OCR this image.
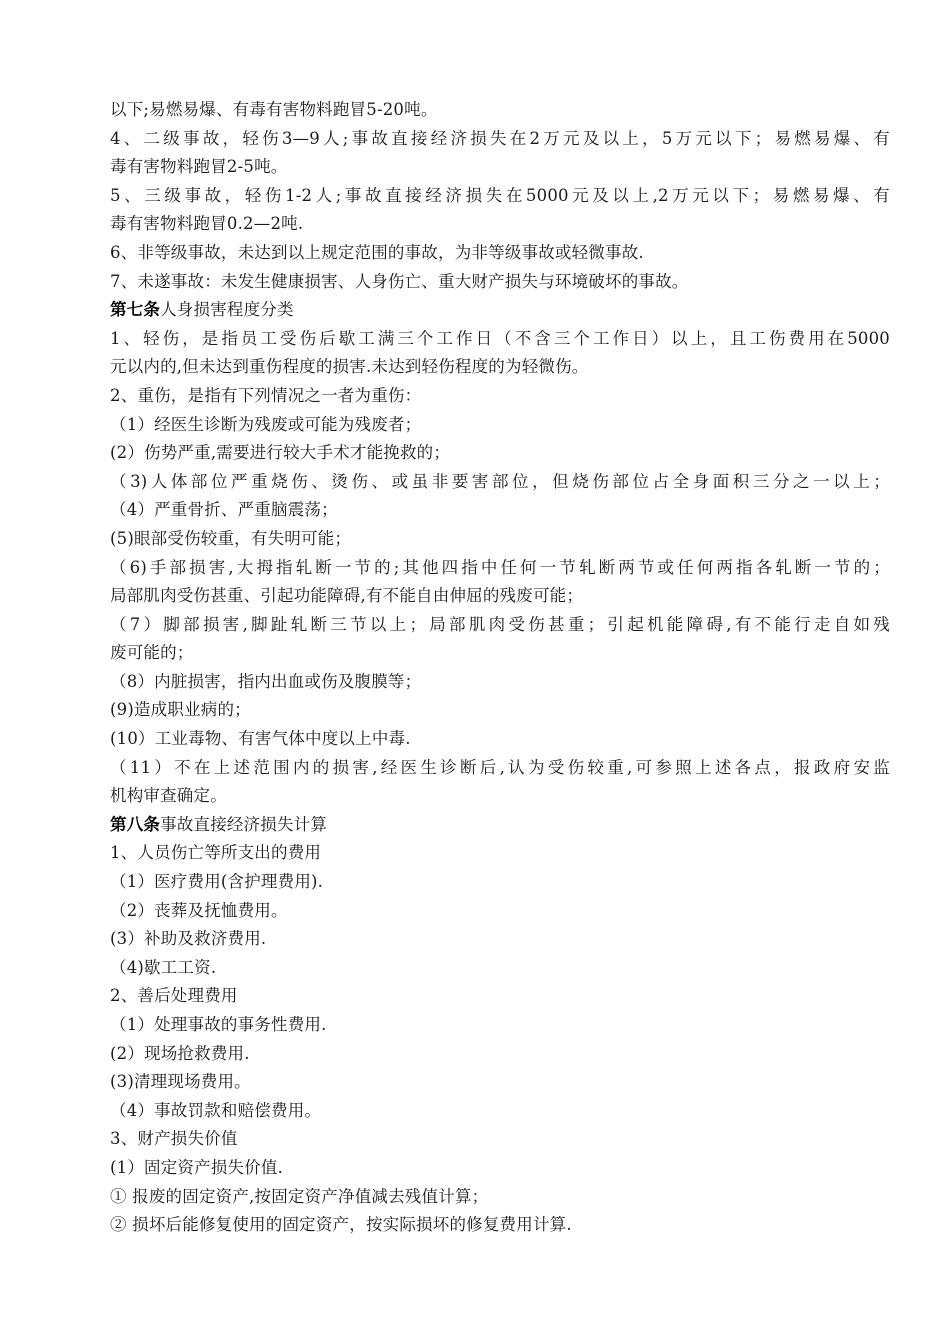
以下;易燃易爆、有毒有害物料跑冒5-20吨。
4、二级事故，轻伤3—9人;事故直接经济损失在2万元及以上，5万元以下；易燃易爆、有
毒有害物料跑冒2-5吨。
5、三级事故，轻伤1-2人;事故直接经济损失在5000元及以上,2万元以下；易燃易爆、有
毒有害物料跑冒0.2—2吨.
6、非等级事故，未达到以上规定范围的事故，为非等级事故或轻微事故.
7、未遂事故：未发生健康损害、人身伤亡、重大财产损失与环境破坏的事故。
第七条人身损害程度分类
1、轻伤，是指员工受伤后歇工满三个工作日（不含三个工作日）以上，且工伤费用在5000
元以内的,但未达到重伤程度的损害.未达到轻伤程度的为轻微伤。
2、重伤，是指有下列情况之一者为重伤：
（1）经医生诊断为残废或可能为残废者；
(2）伤势严重,需要进行较大手术才能挽救的；
（3)人体部位严重烧伤、烫伤、或虽非要害部位，但烧伤部位占全身面积三分之一以上；
（4）严重骨折、严重脑震荡；
(5)眼部受伤较重，有失明可能；
（6)手部损害,大拇指轧断一节的;其他四指中任何一节轧断两节或任何两指各轧断一节的；
局部肌肉受伤甚重、引起功能障碍,有不能自由伸屈的残废可能；
（7）脚部损害,脚趾轧断三节以上；局部肌肉受伤甚重；引起机能障碍,有不能行走自如残
废可能的；
（8）内脏损害，指内出血或伤及腹膜等；
(9)造成职业病的；
(10）工业毒物、有害气体中度以上中毒.
（11）不在上述范围内的损害,经医生诊断后,认为受伤较重,可参照上述各点，报政府安监
机构审查确定。
第八条事故直接经济损失计算
1、人员伤亡等所支出的费用
（1）医疗费用(含护理费用).
（2）丧葬及抚恤费用。
(3）补助及救济费用.
（4)歇工工资.
2、善后处理费用
（1）处理事故的事务性费用.
(2）现场抢救费用.
(3)清理现场费用。
（4）事故罚款和赔偿费用。
3、财产损失价值
(1）固定资产损失价值.
① 报废的固定资产,按固定资产净值减去残值计算；
② 损坏后能修复使用的固定资产，按实际损坏的修复费用计算.
